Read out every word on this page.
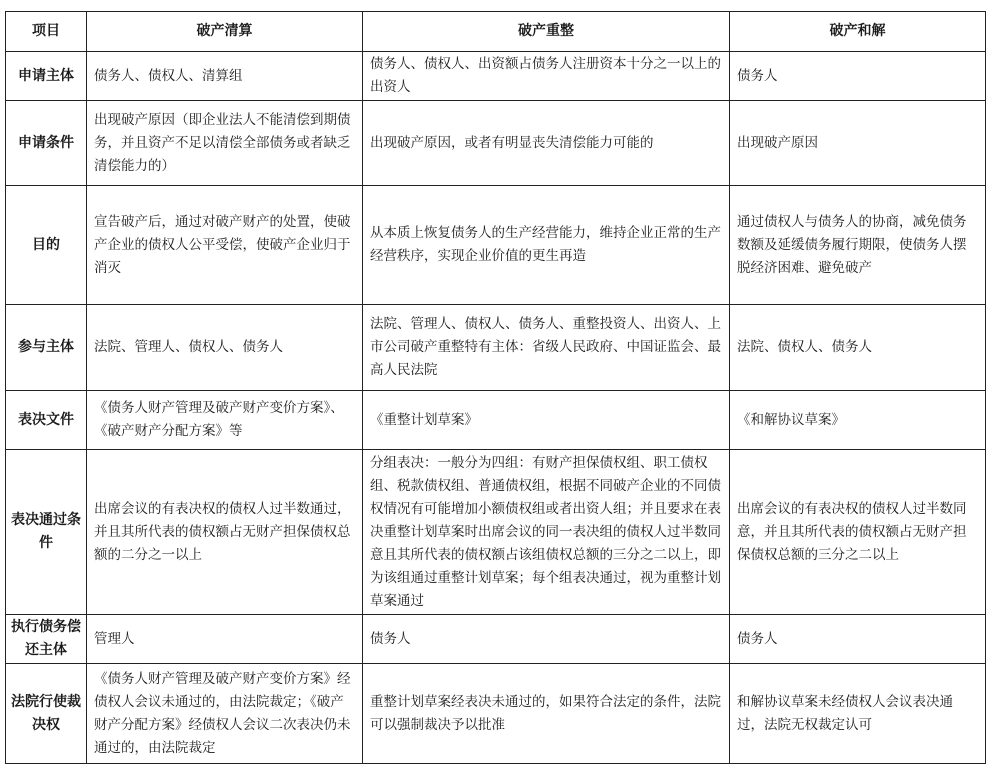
项目	破产清算	破产重整	破产和解
申请主体	债务人、债权人、清算组	债务人、债权人、出资额占债务人注册资本十分之一以上的出资人	债务人
申请条件	出现破产原因（即企业法人不能清偿到期债务，并且资产不足以清偿全部债务或者缺乏清偿能力的）	出现破产原因，或者有明显丧失清偿能力可能的	出现破产原因
目的	宣告破产后，通过对破产财产的处置，使破产企业的债权人公平受偿，使破产企业归于消灭	从本质上恢复债务人的生产经营能力，维持企业正常的生产经营秩序，实现企业价值的更生再造	通过债权人与债务人的协商，减免债务数额及延缓债务履行期限，使债务人摆脱经济困难、避免破产
参与主体	法院、管理人、债权人、债务人	法院、管理人、债权人、债务人、重整投资人、出资人、上市公司破产重整特有主体：省级人民政府、中国证监会、最高人民法院	法院、债权人、债务人
表决文件	《债务人财产管理及破产财产变价方案》、《破产财产分配方案》等	《重整计划草案》	《和解协议草案》
表决通过条件	出席会议的有表决权的债权人过半数通过，并且其所代表的债权额占无财产担保债权总额的二分之一以上	分组表决：一般分为四组：有财产担保债权组、职工债权组、税款债权组、普通债权组，根据不同破产企业的不同债权情况有可能增加小额债权组或者出资人组；并且要求在表决重整计划草案时出席会议的同一表决组的债权人过半数同意且其所代表的债权额占该组债权总额的三分之二以上，即为该组通过重整计划草案；每个组表决通过，视为重整计划草案通过	出席会议的有表决权的债权人过半数同意，并且其所代表的债权额占无财产担保债权总额的三分之二以上
执行债务偿还主体	管理人	债务人	债务人
法院行使裁决权	《债务人财产管理及破产财产变价方案》经债权人会议未通过的，由法院裁定；《破产财产分配方案》经债权人会议二次表决仍未通过的，由法院裁定	重整计划草案经表决未通过的，如果符合法定的条件，法院可以强制裁决予以批准	和解协议草案未经债权人会议表决通过，法院无权裁定认可
